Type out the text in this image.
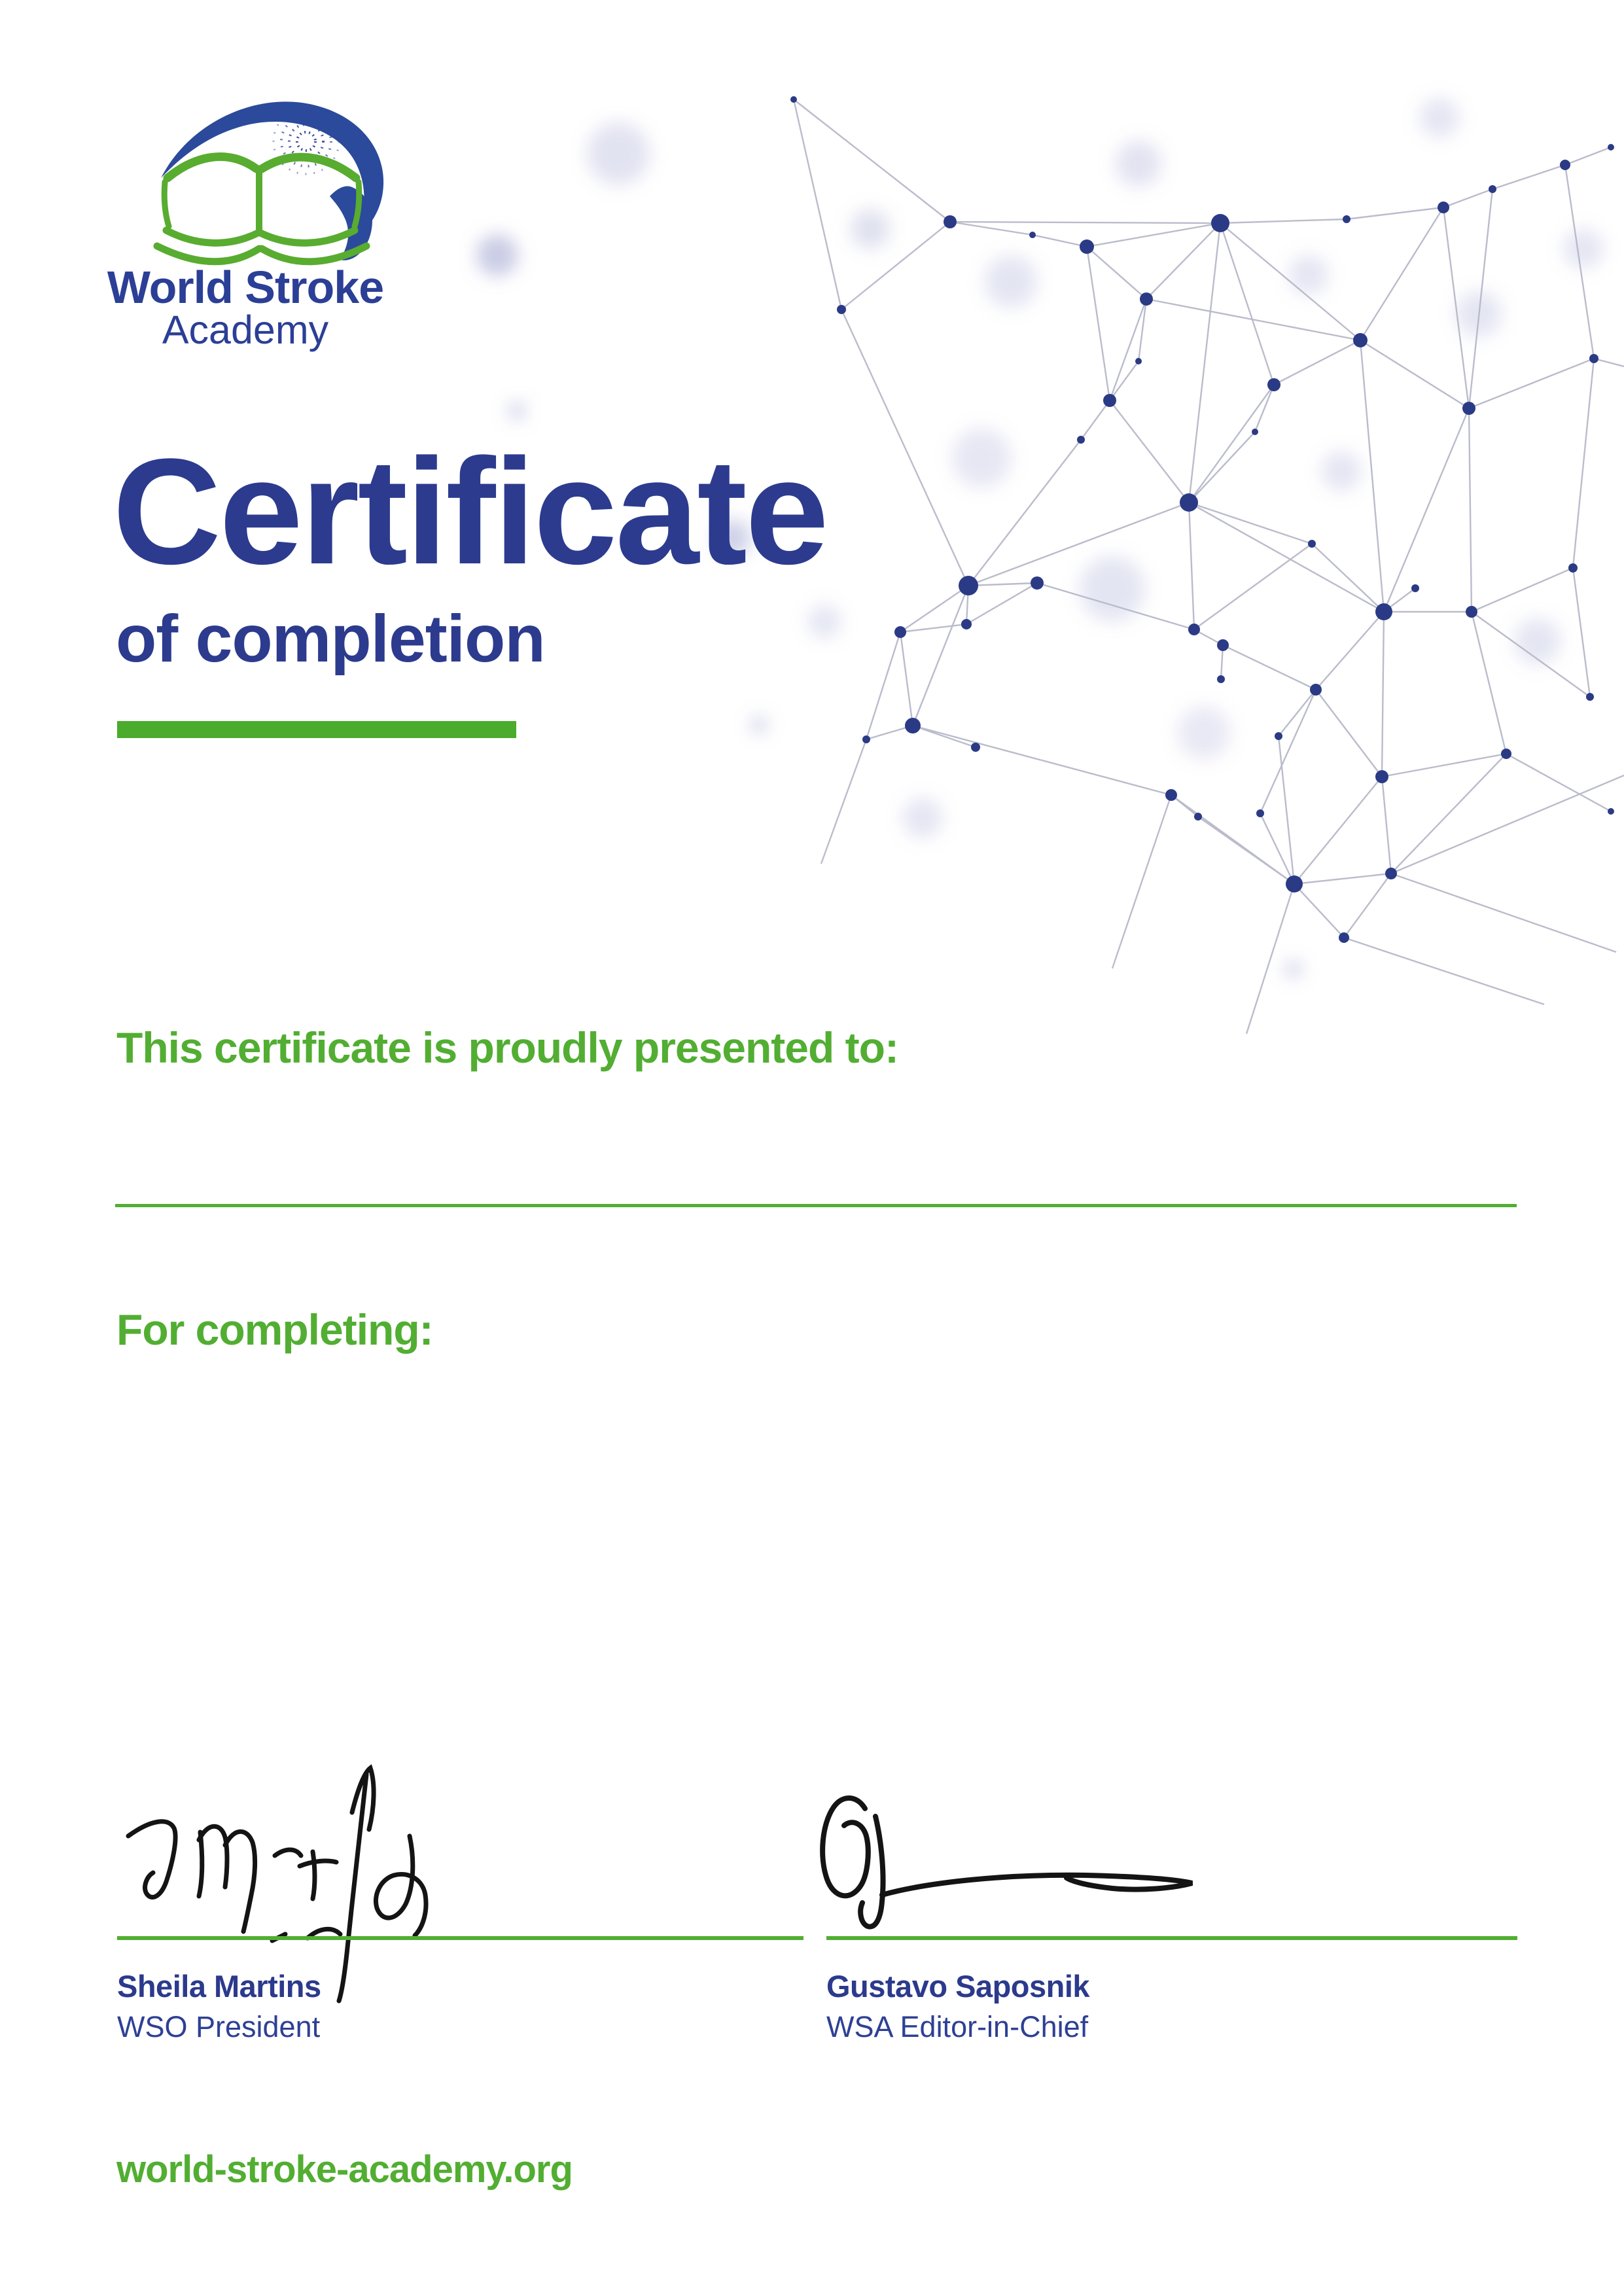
World Stroke
Academy
Certificate
of completion
This certificate is proudly presented to:
For completing:
Sheila Martins
WSO President
Gustavo Saposnik
WSA Editor-in-Chief
world-stroke-academy.org
